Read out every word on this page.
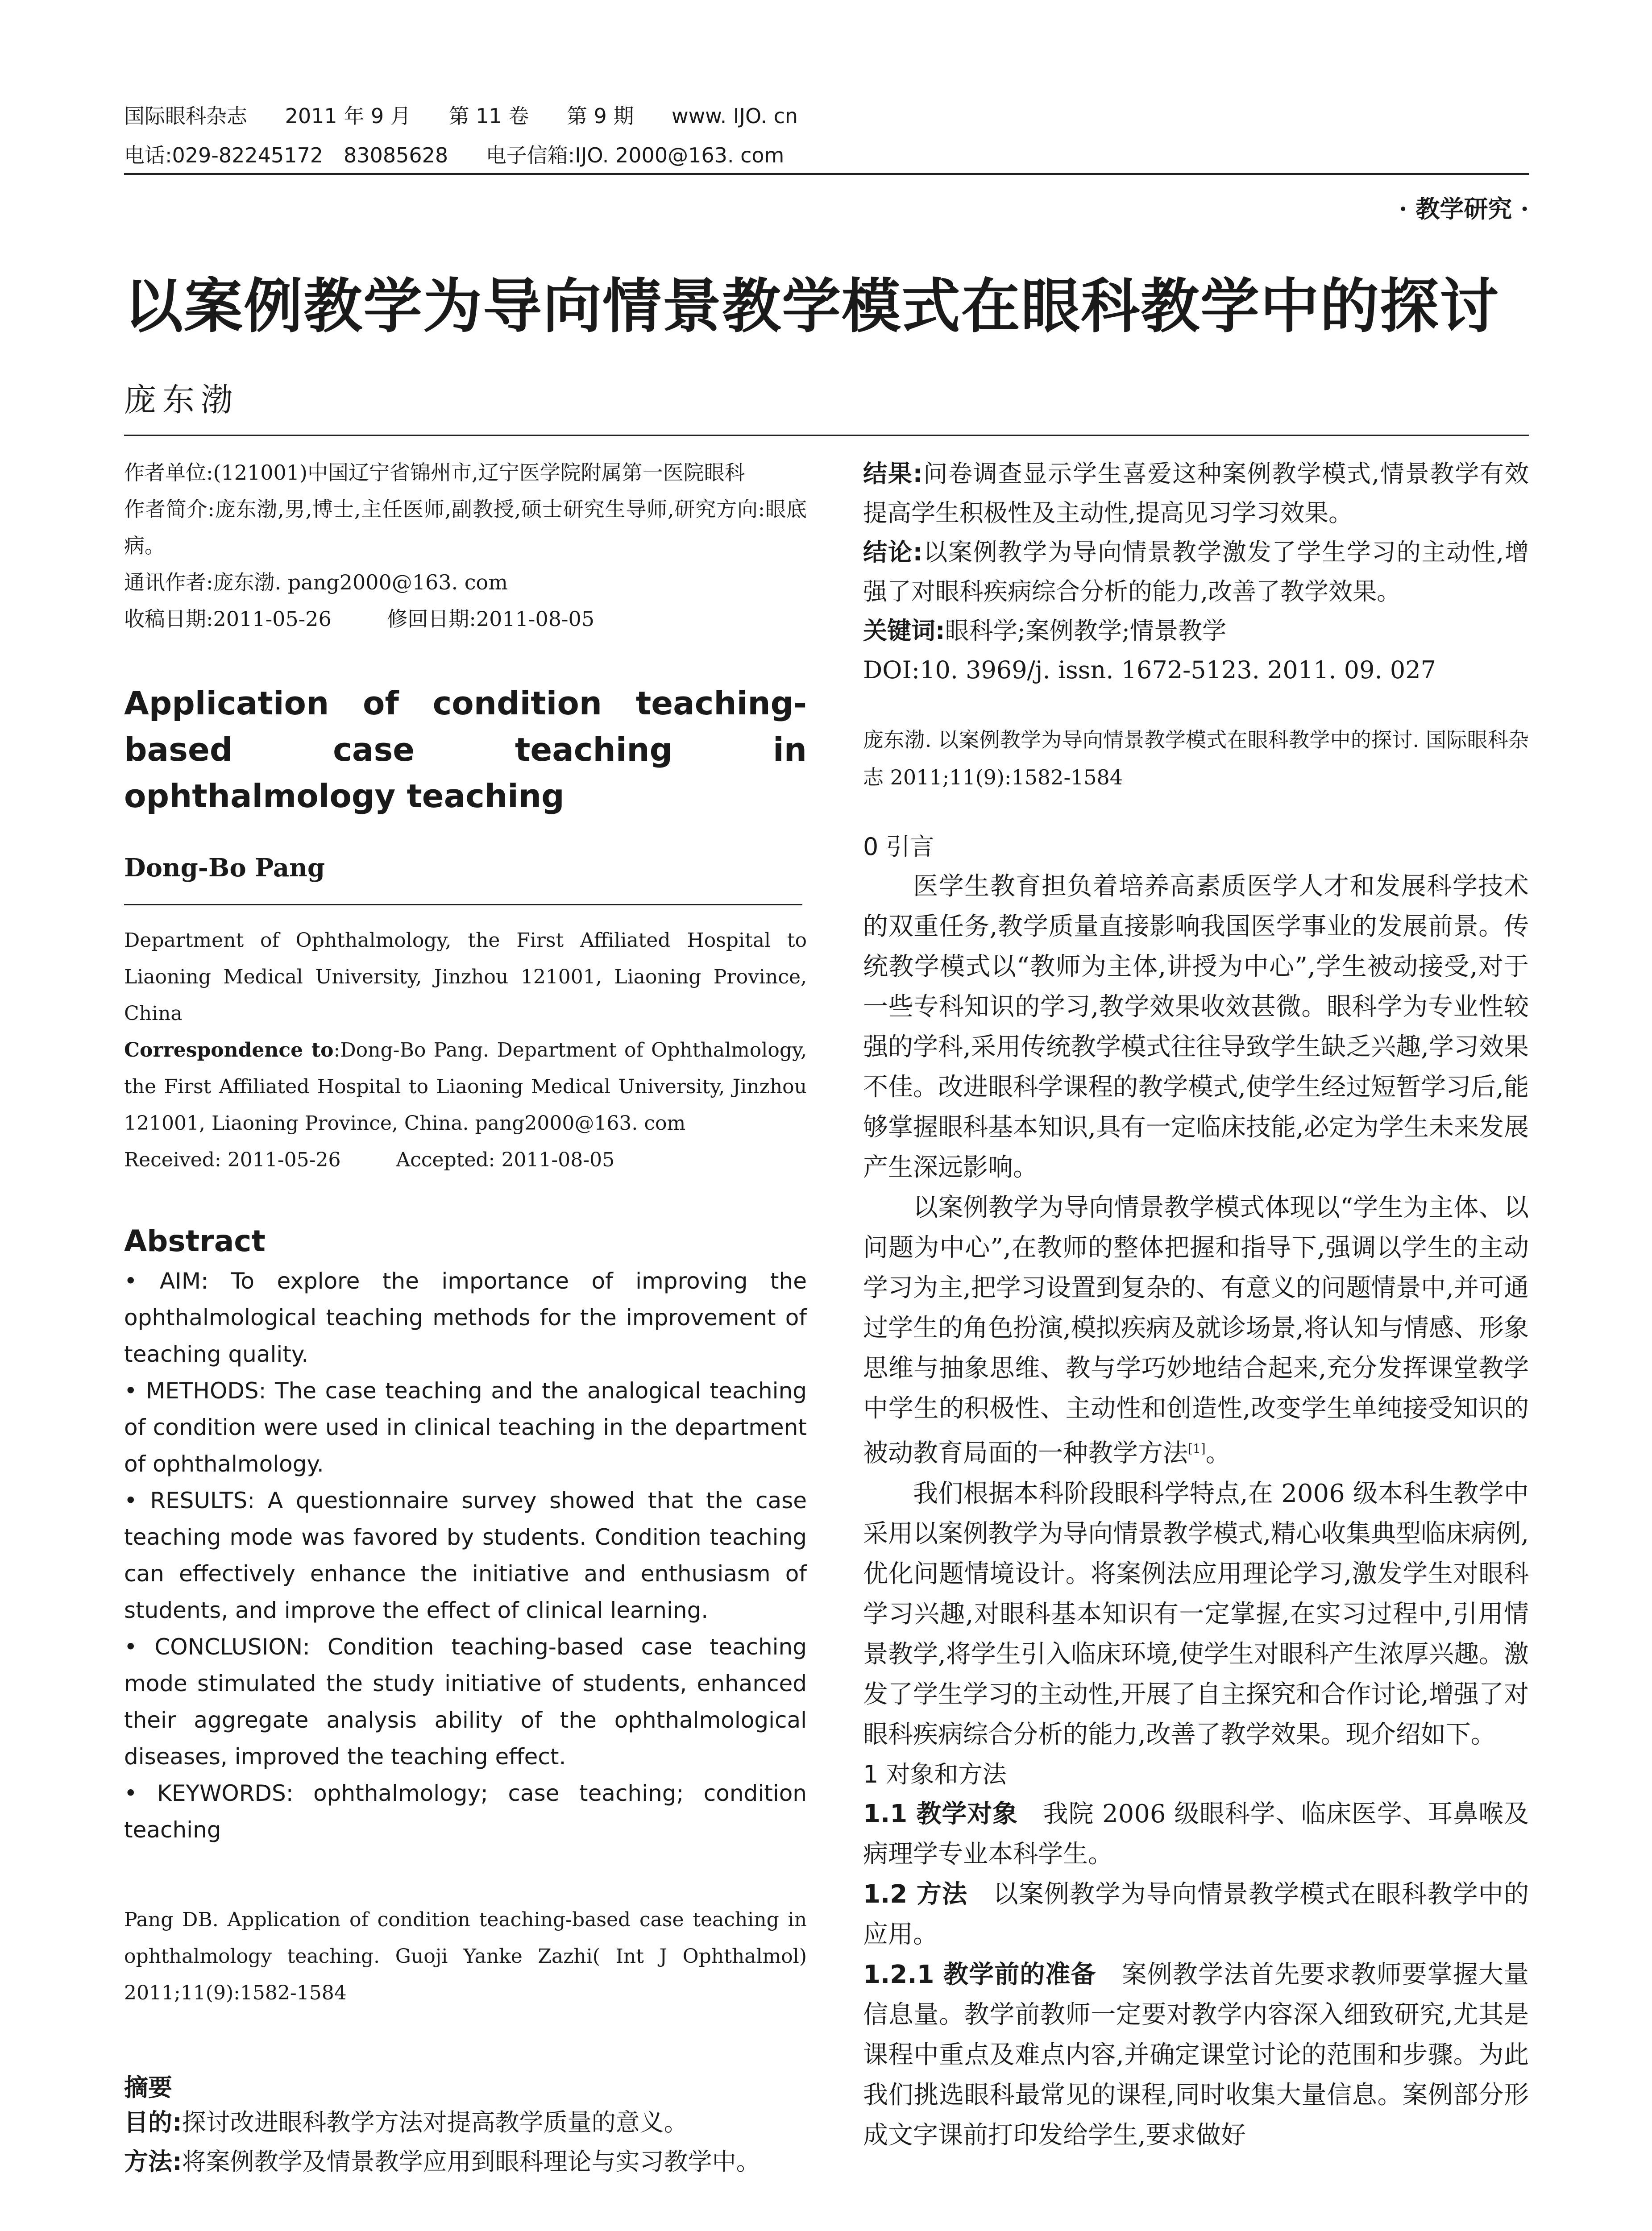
国际眼科杂志 2011 年 9 月 第 11 卷 第 9 期 www. IJO. cn
电话:029-82245172　83085628 电子信箱:IJO. 2000@163. com
· 教学研究 ·
以案例教学为导向情景教学模式在眼科教学中的探讨
庞东渤

作者单位:(121001)中国辽宁省锦州市,辽宁医学院附属第一医院眼科

作者简介:庞东渤,男,博士,主任医师,副教授,硕士研究生导师,研究方向:眼底病。

通讯作者:庞东渤. pang2000@163. com

收稿日期:2011-05-26	修回日期:2011-08-05

Application of condition teaching-based case teaching in ophthalmology teaching
Dong-Bo Pang

Department of Ophthalmology, the First Affiliated Hospital to Liaoning Medical University, Jinzhou 121001, Liaoning Province, China

Correspondence to:Dong-Bo Pang. Department of Ophthalmology, the First Affiliated Hospital to Liaoning Medical University, Jinzhou 121001, Liaoning Province, China. pang2000@163. com

Received: 2011-05-26	Accepted: 2011-08-05

Abstract

• AIM: To explore the importance of improving the ophthalmological teaching methods for the improvement of teaching quality.

• METHODS: The case teaching and the analogical teaching of condition were used in clinical teaching in the department of ophthalmology.

• RESULTS: A questionnaire survey showed that the case teaching mode was favored by students. Condition teaching can effectively enhance the initiative and enthusiasm of students, and improve the effect of clinical learning.

• CONCLUSION: Condition teaching-based case teaching mode stimulated the study initiative of students, enhanced their aggregate analysis ability of the ophthalmological diseases, improved the teaching effect.

• KEYWORDS: ophthalmology; case teaching; condition teaching

Pang DB. Application of condition teaching-based case teaching in ophthalmology teaching. Guoji Yanke Zazhi( Int J Ophthalmol) 2011;11(9):1582-1584
摘要

目的:探讨改进眼科教学方法对提高教学质量的意义。

方法:将案例教学及情景教学应用到眼科理论与实习教学中。

结果:问卷调查显示学生喜爱这种案例教学模式,情景教学有效提高学生积极性及主动性,提高见习学习效果。

结论:以案例教学为导向情景教学激发了学生学习的主动性,增强了对眼科疾病综合分析的能力,改善了教学效果。

关键词:眼科学;案例教学;情景教学

DOI:10. 3969/j. issn. 1672-5123. 2011. 09. 027

庞东渤. 以案例教学为导向情景教学模式在眼科教学中的探讨. 国际眼科杂志 2011;11(9):1582-1584

0 引言

医学生教育担负着培养高素质医学人才和发展科学技术的双重任务,教学质量直接影响我国医学事业的发展前景。传统教学模式以“教师为主体,讲授为中心”,学生被动接受,对于一些专科知识的学习,教学效果收效甚微。眼科学为专业性较强的学科,采用传统教学模式往往导致学生缺乏兴趣,学习效果不佳。改进眼科学课程的教学模式,使学生经过短暂学习后,能够掌握眼科基本知识,具有一定临床技能,必定为学生未来发展产生深远影响。

以案例教学为导向情景教学模式体现以“学生为主体、以问题为中心”,在教师的整体把握和指导下,强调以学生的主动学习为主,把学习设置到复杂的、有意义的问题情景中,并可通过学生的角色扮演,模拟疾病及就诊场景,将认知与情感、形象思维与抽象思维、教与学巧妙地结合起来,充分发挥课堂教学中学生的积极性、主动性和创造性,改变学生单纯接受知识的被动教育局面的一种教学方法[1]。

我们根据本科阶段眼科学特点,在 2006 级本科生教学中采用以案例教学为导向情景教学模式,精心收集典型临床病例,优化问题情境设计。将案例法应用理论学习,激发学生对眼科学习兴趣,对眼科基本知识有一定掌握,在实习过程中,引用情景教学,将学生引入临床环境,使学生对眼科产生浓厚兴趣。激发了学生学习的主动性,开展了自主探究和合作讨论,增强了对眼科疾病综合分析的能力,改善了教学效果。现介绍如下。

1 对象和方法

1.1 教学对象　 我院 2006 级眼科学、临床医学、耳鼻喉及病理学专业本科学生。

1.2 方法　 以案例教学为导向情景教学模式在眼科教学中的应用。

1.2.1 教学前的准备　 案例教学法首先要求教师要掌握大量信息量。教学前教师一定要对教学内容深入细致研究,尤其是课程中重点及难点内容,并确定课堂讨论的范围和步骤。为此我们挑选眼科最常见的课程,同时收集大量信息。案例部分形成文字课前打印发给学生,要求做好
